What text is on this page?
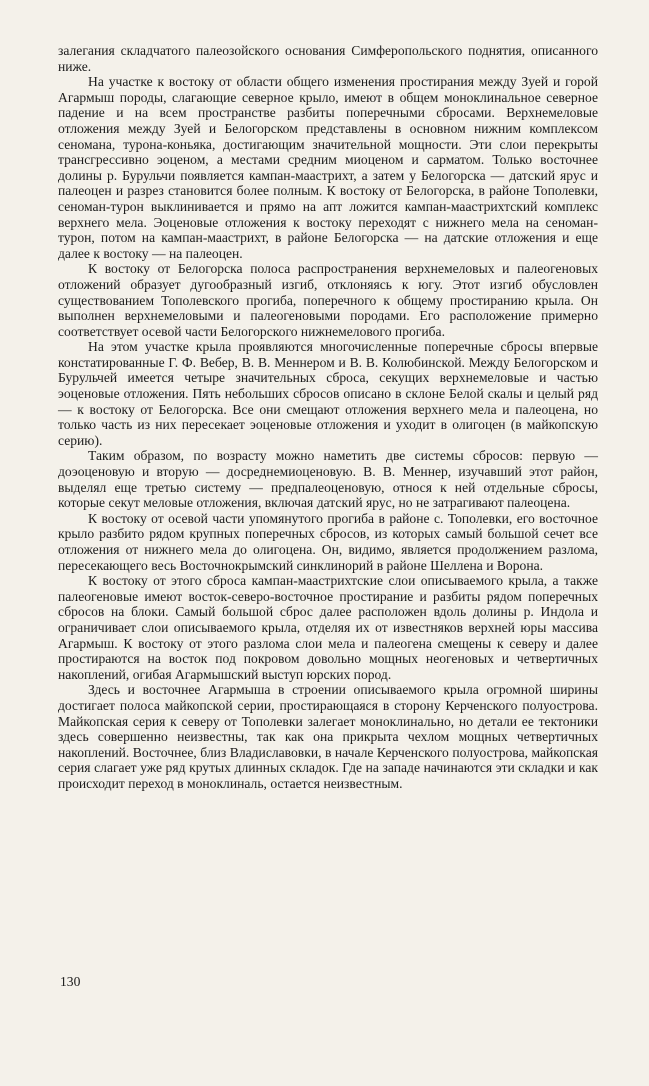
залегания складчатого палеозойского основания Симферопольского поднятия, описанного ниже.

На участке к востоку от области общего изменения простирания между Зуей и горой Агармыш породы, слагающие северное крыло, имеют в общем моноклинальное северное падение и на всем пространстве разбиты поперечными сбросами. Верхнемеловые отложения между Зуей и Белогорском представлены в основном нижним комплексом сеномана, турона-коньяка, достигающим значительной мощности. Эти слои перекрыты трансгрессивно эоценом, а местами средним миоценом и сарматом. Только восточнее долины р. Бурульчи появляется кампан-маастрихт, а затем у Белогорска — датский ярус и палеоцен и разрез становится более полным. К востоку от Белогорска, в районе Тополевки, сеноман-турон выклинивается и прямо на апт ложится кампан-маастрихтский комплекс верхнего мела. Эоценовые отложения к востоку переходят с нижнего мела на сеноман-турон, потом на кампан-маастрихт, в районе Белогорска — на датские отложения и еще далее к востоку — на палеоцен.

К востоку от Белогорска полоса распространения верхнемеловых и палеогеновых отложений образует дугообразный изгиб, отклоняясь к югу. Этот изгиб обусловлен существованием Тополевского прогиба, поперечного к общему простиранию крыла. Он выполнен верхнемеловыми и палеогеновыми породами. Его расположение примерно соответствует осевой части Белогорского нижнемелового прогиба.

На этом участке крыла проявляются многочисленные поперечные сбросы впервые констатированные Г. Ф. Вебер, В. В. Меннером и В. В. Колюбинской. Между Белогорском и Бурульчей имеется четыре значительных сброса, секущих верхнемеловые и частью эоценовые отложения. Пять небольших сбросов описано в склоне Белой скалы и целый ряд — к востоку от Белогорска. Все они смещают отложения верхнего мела и палеоцена, но только часть из них пересекает эоценовые отложения и уходит в олигоцен (в майкопскую серию).

Таким образом, по возрасту можно наметить две системы сбросов: первую — доэоценовую и вторую — досреднемиоценовую. В. В. Меннер, изучавший этот район, выделял еще третью систему — предпалеоценовую, относя к ней отдельные сбросы, которые секут меловые отложения, включая датский ярус, но не затрагивают палеоцена.

К востоку от осевой части упомянутого прогиба в районе с. Тополевки, его восточное крыло разбито рядом крупных поперечных сбросов, из которых самый большой сечет все отложения от нижнего мела до олигоцена. Он, видимо, является продолжением разлома, пересекающего весь Восточнокрымский синклинорий в районе Шеллена и Ворона.

К востоку от этого сброса кампан-маастрихтские слои описываемого крыла, а также палеогеновые имеют восток-северо-восточное простирание и разбиты рядом поперечных сбросов на блоки. Самый большой сброс далее расположен вдоль долины р. Индола и ограничивает слои описываемого крыла, отделяя их от известняков верхней юры массива Агармыш. К востоку от этого разлома слои мела и палеогена смещены к северу и далее простираются на восток под покровом довольно мощных неогеновых и четвертичных накоплений, огибая Агармышский выступ юрских пород.

Здесь и восточнее Агармыша в строении описываемого крыла огромной ширины достигает полоса майкопской серии, простирающаяся в сторону Керченского полуострова. Майкопская серия к северу от Тополевки залегает моноклинально, но детали ее тектоники здесь совершенно неизвестны, так как она прикрыта чехлом мощных четвертичных накоплений. Восточнее, близ Владиславовки, в начале Керченского полуострова, майкопская серия слагает уже ряд крутых длинных складок. Где на западе начинаются эти складки и как происходит переход в моноклиналь, остается неизвестным.

130
